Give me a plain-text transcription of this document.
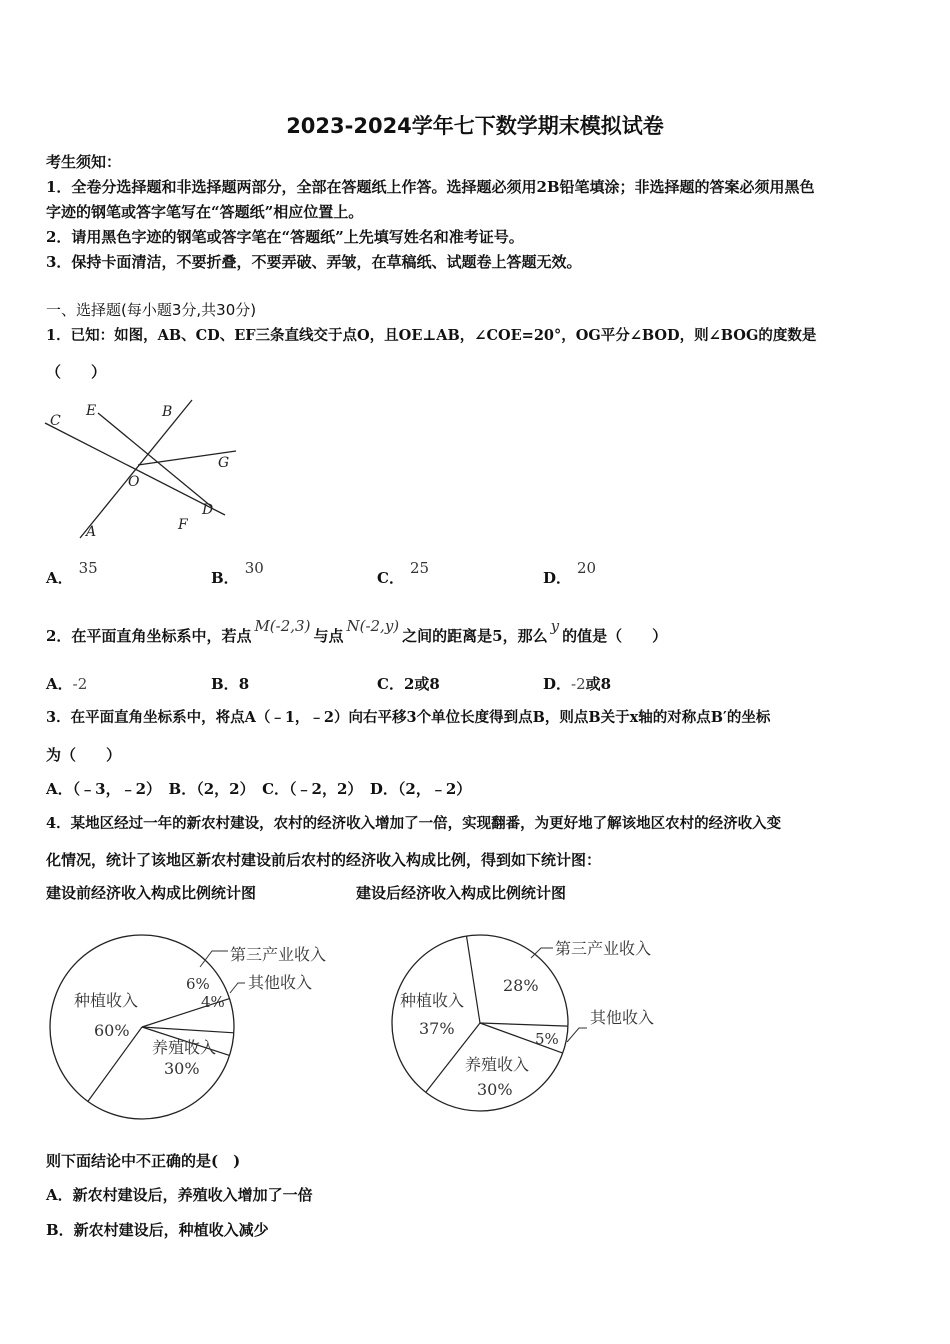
2023-2024学年七下数学期末模拟试卷
考生须知：
1．全卷分选择题和非选择题两部分，全部在答题纸上作答。选择题必须用2B铅笔填涂；非选择题的答案必须用黑色
字迹的钢笔或答字笔写在“答题纸”相应位置上。
2．请用黑色字迹的钢笔或答字笔在“答题纸”上先填写姓名和准考证号。
3．保持卡面清洁，不要折叠，不要弄破、弄皱，在草稿纸、试题卷上答题无效。
一、选择题(每小题3分,共30分)
1．已知：如图，AB、CD、EF三条直线交于点O，且OE⊥AB，∠COE=20°，OG平分∠BOD，则∠BOG的度数是
（　　）
C
E	B
G
O
A	F
D
A．35
B．30
C．25
D．20
2．在平面直角坐标系中，若点M(-2,3)与点N(-2,y)之间的距离是5，那么y的值是（　　）
A．-2	B．8	C．2或8	D．-2或8
3．在平面直角坐标系中，将点A（﹣1，﹣2）向右平移3个单位长度得到点B，则点B关于x轴的对称点B′的坐标
为（　　）
A．（﹣3，﹣2）　B．（2，2）　C．（﹣2，2）　D．（2，﹣2）
4．某地区经过一年的新农村建设，农村的经济收入增加了一倍，实现翻番，为更好地了解该地区农村的经济收入变
化情况，统计了该地区新农村建设前后农村的经济收入构成比例，得到如下统计图：
建设前经济收入构成比例统计图	建设后经济收入构成比例统计图
种植收入
60%
养殖收入
30%
6%
4%
第三产业收入
其他收入
种植收入
37%
养殖收入
30%
28%
5%
第三产业收入
其他收入
则下面结论中不正确的是(　)
A．新农村建设后，养殖收入增加了一倍
B．新农村建设后，种植收入减少
